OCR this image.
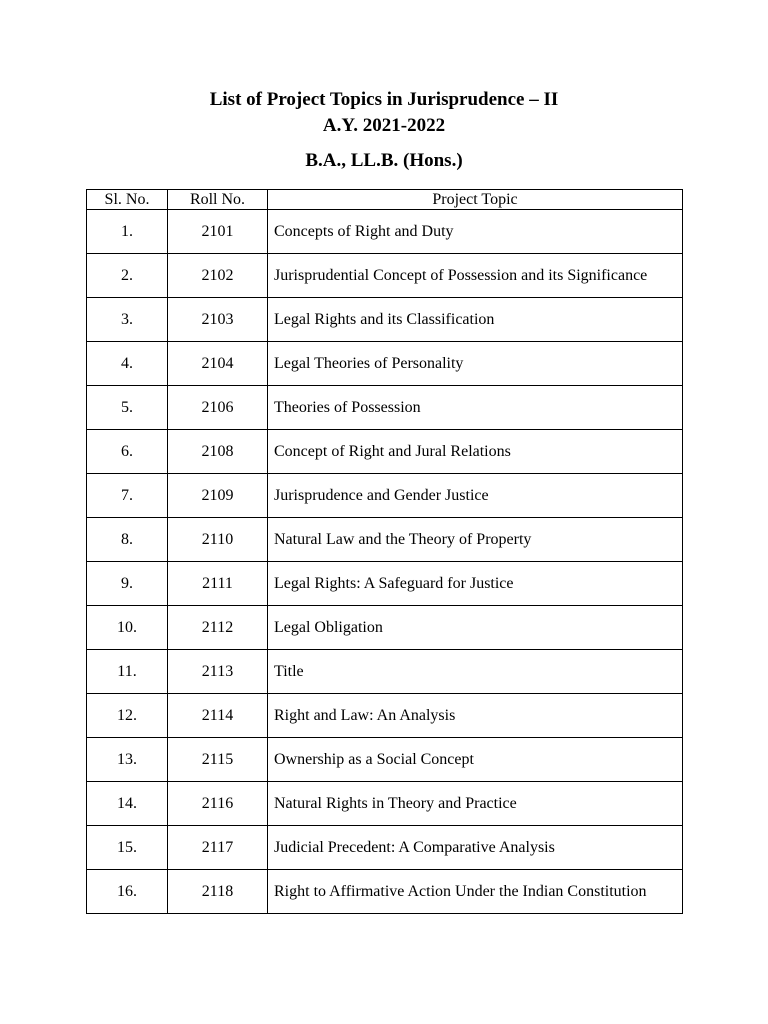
List of Project Topics in Jurisprudence – II
A.Y. 2021-2022
B.A., LL.B. (Hons.)
Sl. No.	Roll No.	Project Topic
1.	2101	Concepts of Right and Duty
2.	2102	Jurisprudential Concept of Possession and its Significance
3.	2103	Legal Rights and its Classification
4.	2104	Legal Theories of Personality
5.	2106	Theories of Possession
6.	2108	Concept of Right and Jural Relations
7.	2109	Jurisprudence and Gender Justice
8.	2110	Natural Law and the Theory of Property
9.	2111	Legal Rights: A Safeguard for Justice
10.	2112	Legal Obligation
11.	2113	Title
12.	2114	Right and Law: An Analysis
13.	2115	Ownership as a Social Concept
14.	2116	Natural Rights in Theory and Practice
15.	2117	Judicial Precedent: A Comparative Analysis
16.	2118	Right to Affirmative Action Under the Indian Constitution
